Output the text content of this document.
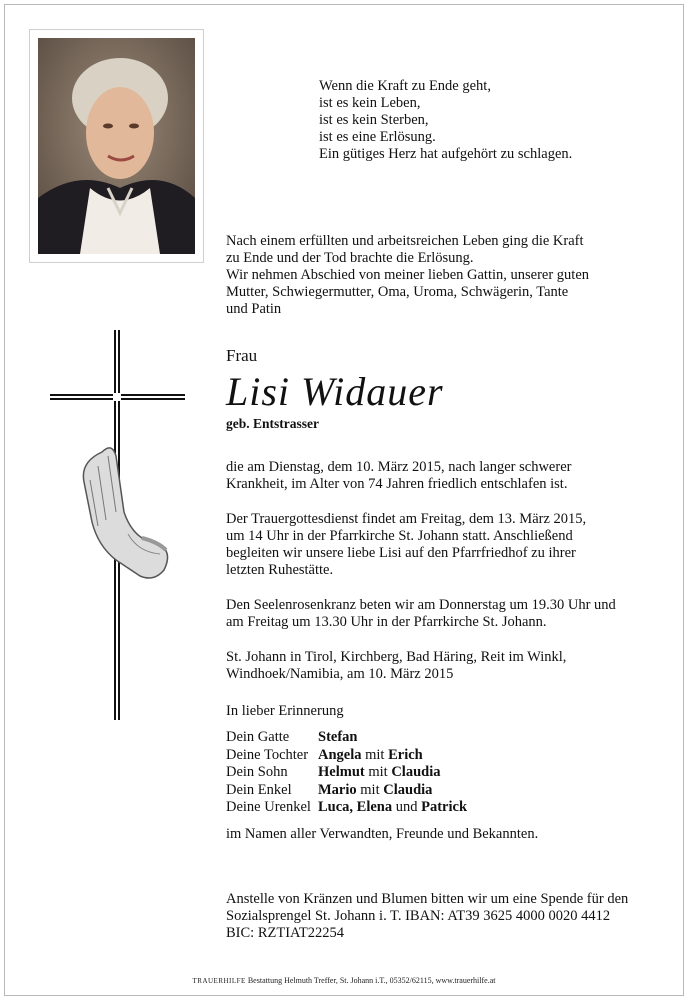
Wenn die Kraft zu Ende geht,
ist es kein Leben,
ist es kein Sterben,
ist es eine Erlösung.
Ein gütiges Herz hat aufgehört zu schlagen.
Nach einem erfüllten und arbeitsreichen Leben ging die Kraft
zu Ende und der Tod brachte die Erlösung.
Wir nehmen Abschied von meiner lieben Gattin, unserer guten
Mutter, Schwiegermutter, Oma, Uroma, Schwägerin, Tante
und Patin
Frau
Lisi Widauer
geb. Entstrasser
die am Dienstag, dem 10. März 2015, nach langer schwerer
Krankheit, im Alter von 74 Jahren friedlich entschlafen ist.
Der Trauergottesdienst findet am Freitag, dem 13. März 2015,
um 14 Uhr in der Pfarrkirche St. Johann statt. Anschließend
begleiten wir unsere liebe Lisi auf den Pfarrfriedhof zu ihrer
letzten Ruhestätte.
Den Seelenrosenkranz beten wir am Donnerstag um 19.30 Uhr und
am Freitag um 13.30 Uhr in der Pfarrkirche St. Johann.
St. Johann in Tirol, Kirchberg, Bad Häring, Reit im Winkl,
Windhoek/Namibia, am 10. März 2015
In lieber Erinnerung
Dein Gatte	Stefan
Deine Tochter Angela mit Erich
Dein Sohn	Helmut mit Claudia
Dein Enkel	Mario mit Claudia
Deine Urenkel Luca, Elena und Patrick
im Namen aller Verwandten, Freunde und Bekannten.
Anstelle von Kränzen und Blumen bitten wir um eine Spende für den
Sozialsprengel St. Johann i. T. IBAN: AT39 3625 4000 0020 4412
BIC: RZTIAT22254
TRAUERHILFE Bestattung Helmuth Treffer, St. Johann i.T., 05352/62115, www.trauerhilfe.at
